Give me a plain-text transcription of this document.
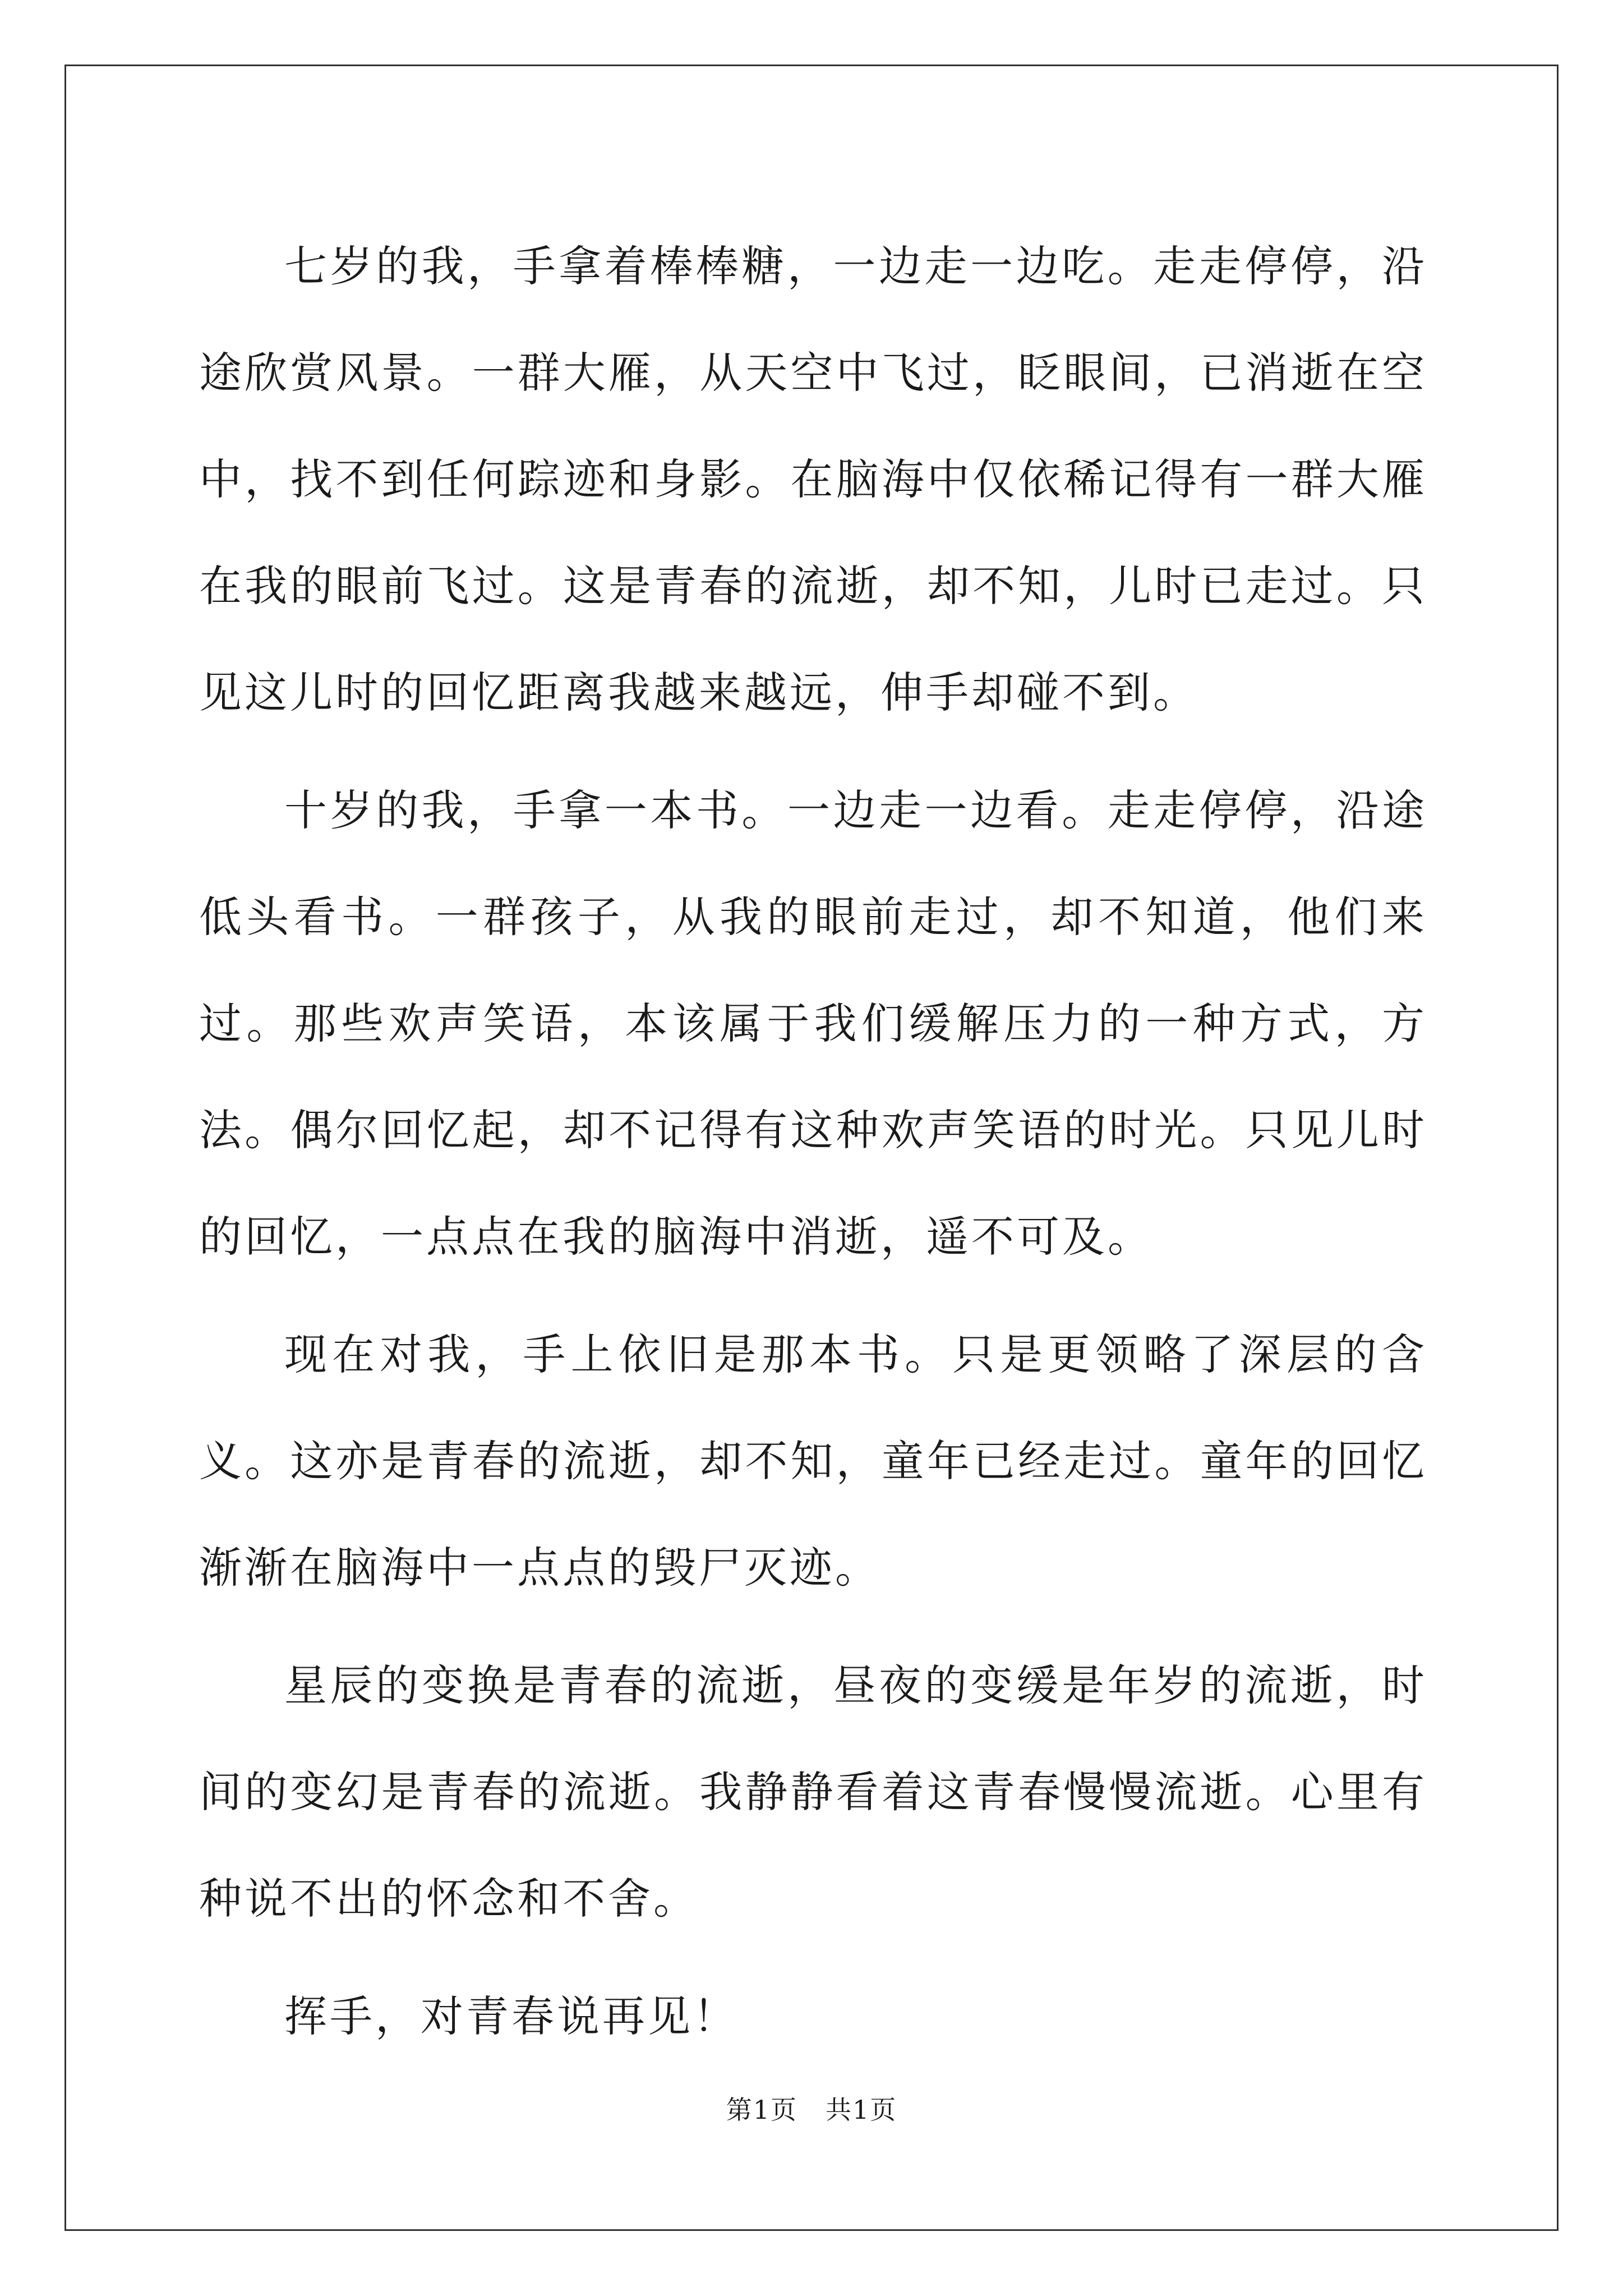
七岁的我，手拿着棒棒糖，一边走一边吃。走走停停，沿途欣赏风景。一群大雁，从天空中飞过，眨眼间，已消逝在空中，找不到任何踪迹和身影。在脑海中仅依稀记得有一群大雁在我的眼前飞过。这是青春的流逝，却不知，儿时已走过。只见这儿时的回忆距离我越来越远，伸手却碰不到。

十岁的我，手拿一本书。一边走一边看。走走停停，沿途低头看书。一群孩子，从我的眼前走过，却不知道，他们来过。那些欢声笑语，本该属于我们缓解压力的一种方式，方法。偶尔回忆起，却不记得有这种欢声笑语的时光。只见儿时的回忆，一点点在我的脑海中消逝，遥不可及。

现在对我，手上依旧是那本书。只是更领略了深层的含义。这亦是青春的流逝，却不知，童年已经走过。童年的回忆渐渐在脑海中一点点的毁尸灭迹。

星辰的变换是青春的流逝，昼夜的变缓是年岁的流逝，时间的变幻是青春的流逝。我静静看着这青春慢慢流逝。心里有种说不出的怀念和不舍。

挥手，对青春说再见！

第1页 共1页
